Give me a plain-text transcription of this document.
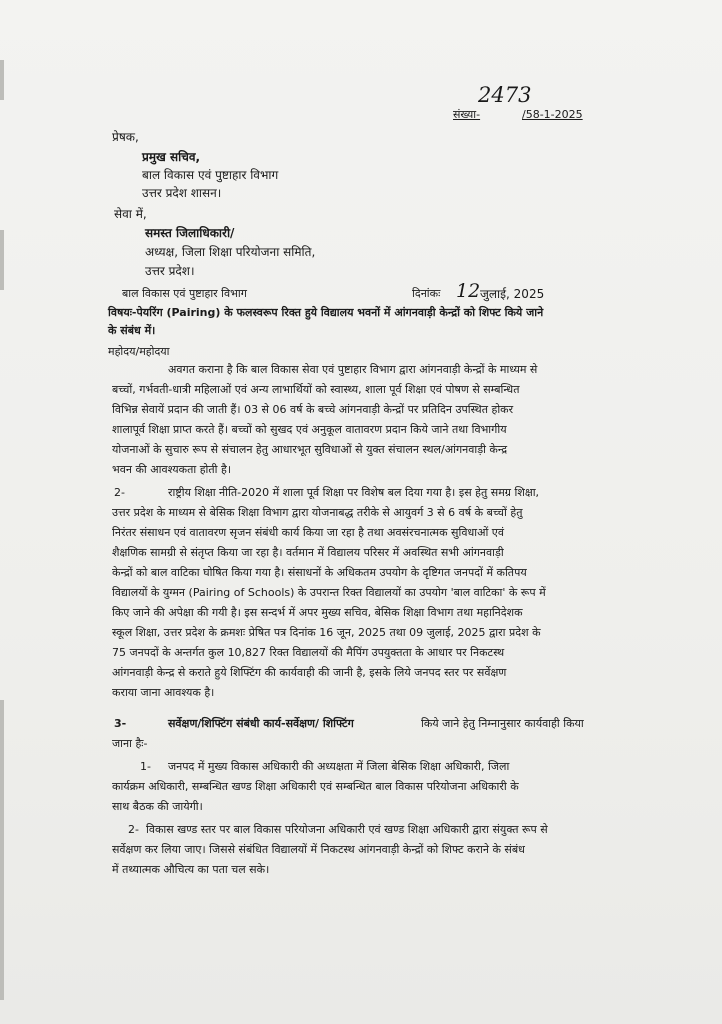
2473
संख्या-	/58-1-2025
प्रेषक,
प्रमुख सचिव,
बाल विकास एवं पुष्टाहार विभाग
उत्तर प्रदेश शासन।
सेवा में,
समस्त जिलाधिकारी/
अध्यक्ष, जिला शिक्षा परियोजना समिति,
उत्तर प्रदेश।
बाल विकास एवं पुष्टाहार विभाग	दिनांकः 12 जुलाई, 2025
विषयः-पेयरिंग (Pairing) के फलस्वरूप रिक्त हुये विद्यालय भवनों में आंगनवाड़ी केन्द्रों को शिफ्ट किये जाने
के संबंध में।
महोदय/महोदया
अवगत कराना है कि बाल विकास सेवा एवं पुष्टाहार विभाग द्वारा आंगनवाड़ी केन्द्रों के माध्यम से
बच्चों, गर्भवती-धात्री महिलाओं एवं अन्य लाभार्थियों को स्वास्थ्य, शाला पूर्व शिक्षा एवं पोषण से सम्बन्धित
विभिन्न सेवायें प्रदान की जाती हैं। 03 से 06 वर्ष के बच्चे आंगनवाड़ी केन्द्रों पर प्रतिदिन उपस्थित होकर
शालापूर्व शिक्षा प्राप्त करते हैं। बच्चों को सुखद एवं अनुकूल वातावरण प्रदान किये जाने तथा विभागीय
योजनाओं के सुचारु रूप से संचालन हेतु आधारभूत सुविधाओं से युक्त संचालन स्थल/आंगनवाड़ी केन्द्र
भवन की आवश्यकता होती है।
2-	राष्ट्रीय शिक्षा नीति-2020 में शाला पूर्व शिक्षा पर विशेष बल दिया गया है। इस हेतु समग्र शिक्षा,
उत्तर प्रदेश के माध्यम से बेसिक शिक्षा विभाग द्वारा योजनाबद्ध तरीके से आयुवर्ग 3 से 6 वर्ष के बच्चों हेतु
निरंतर संसाधन एवं वातावरण सृजन संबंधी कार्य किया जा रहा है तथा अवसंरचनात्मक सुविधाओं एवं
शैक्षणिक सामग्री से संतृप्त किया जा रहा है। वर्तमान में विद्यालय परिसर में अवस्थित सभी आंगनवाड़ी
केन्द्रों को बाल वाटिका घोषित किया गया है। संसाधनों के अधिकतम उपयोग के दृष्टिगत जनपदों में कतिपय
विद्यालयों के युग्मन (Pairing of Schools) के उपरान्त रिक्त विद्यालयों का उपयोग 'बाल वाटिका' के रूप में
किए जाने की अपेक्षा की गयी है। इस सन्दर्भ में अपर मुख्य सचिव, बेसिक शिक्षा विभाग तथा महानिदेशक
स्कूल शिक्षा, उत्तर प्रदेश के क्रमशः प्रेषित पत्र दिनांक 16 जून, 2025 तथा 09 जुलाई, 2025 द्वारा प्रदेश के
75 जनपदों के अन्तर्गत कुल 10,827 रिक्त विद्यालयों की मैपिंग उपयुक्तता के आधार पर निकटस्थ
आंगनवाड़ी केन्द्र से कराते हुये शिफ्टिंग की कार्यवाही की जानी है, इसके लिये जनपद स्तर पर सर्वेक्षण
कराया जाना आवश्यक है।
3-	सर्वेक्षण/शिफ्टिंग संबंधी कार्य-सर्वेक्षण/ शिफ्टिंग	किये जाने हेतु निम्नानुसार कार्यवाही किया
जाना हैः-
1- जनपद में मुख्य विकास अधिकारी की अध्यक्षता में जिला बेसिक शिक्षा अधिकारी, जिला
कार्यक्रम अधिकारी, सम्बन्धित खण्ड शिक्षा अधिकारी एवं सम्बन्धित बाल विकास परियोजना अधिकारी के
साथ बैठक की जायेगी।
2- विकास खण्ड स्तर पर बाल विकास परियोजना अधिकारी एवं खण्ड शिक्षा अधिकारी द्वारा संयुक्त रूप से
सर्वेक्षण कर लिया जाए। जिससे संबंधित विद्यालयों में निकटस्थ आंगनवाड़ी केन्द्रों को शिफ्ट कराने के संबंध
में तथ्यात्मक औचित्य का पता चल सके।
